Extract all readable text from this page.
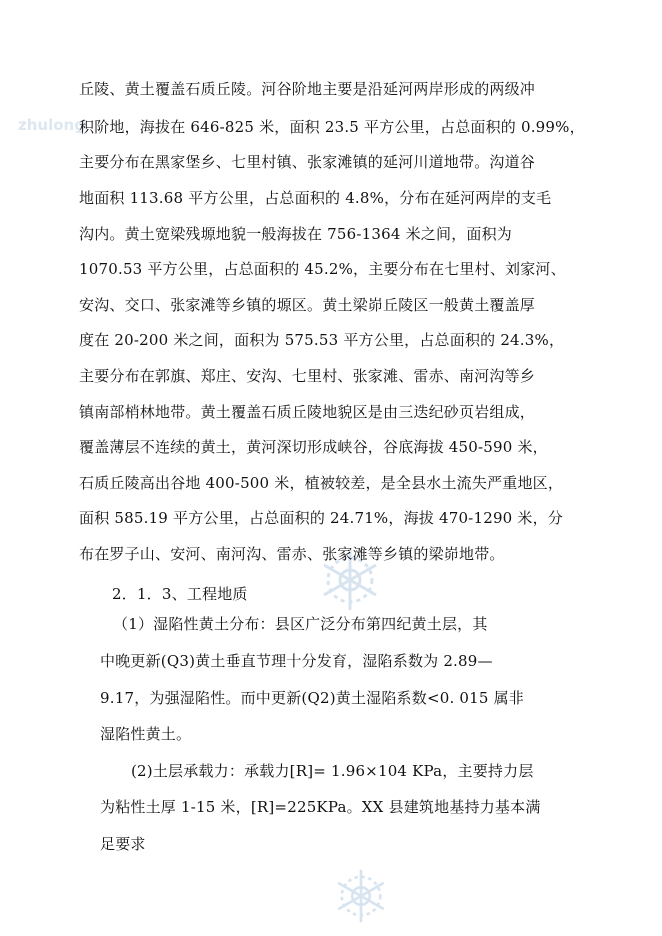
zhulong
丘陵、黄土覆盖石质丘陵。河谷阶地主要是沿延河两岸形成的两级冲
积阶地，海拔在 646-825 米，面积 23.5 平方公里，占总面积的 0.99%，
主要分布在黑家堡乡、七里村镇、张家滩镇的延河川道地带。沟道谷
地面积 113.68 平方公里，占总面积的 4.8%，分布在延河两岸的支毛
沟内。黄土宽梁残塬地貌一般海拔在 756-1364 米之间，面积为
1070.53 平方公里，占总面积的 45.2%，主要分布在七里村、刘家河、
安沟、交口、张家滩等乡镇的塬区。黄土梁峁丘陵区一般黄土覆盖厚
度在 20-200 米之间，面积为 575.53 平方公里，占总面积的 24.3%，
主要分布在郭旗、郑庄、安沟、七里村、张家滩、雷赤、南河沟等乡
镇南部梢林地带。黄土覆盖石质丘陵地貌区是由三迭纪砂页岩组成，
覆盖薄层不连续的黄土，黄河深切形成峡谷，谷底海拔 450-590 米，
石质丘陵高出谷地 400-500 米，植被较差，是全县水土流失严重地区，
面积 585.19 平方公里，占总面积的 24.71%，海拔 470-1290 米，分
布在罗子山、安河、南河沟、雷赤、张家滩等乡镇的梁峁地带。
2．1．3、工程地质
（1）湿陷性黄土分布：县区广泛分布第四纪黄土层，其
中晚更新(Q3)黄土垂直节理十分发育，湿陷系数为 2.89—
9.17，为强湿陷性。而中更新(Q2)黄土湿陷系数<0. 015 属非
湿陷性黄土。
(2)土层承载力：承载力[R]= 1.96×104 KPa，主要持力层
为粘性土厚 1-15 米，[R]=225KPa。XX 县建筑地基持力基本满
足要求
